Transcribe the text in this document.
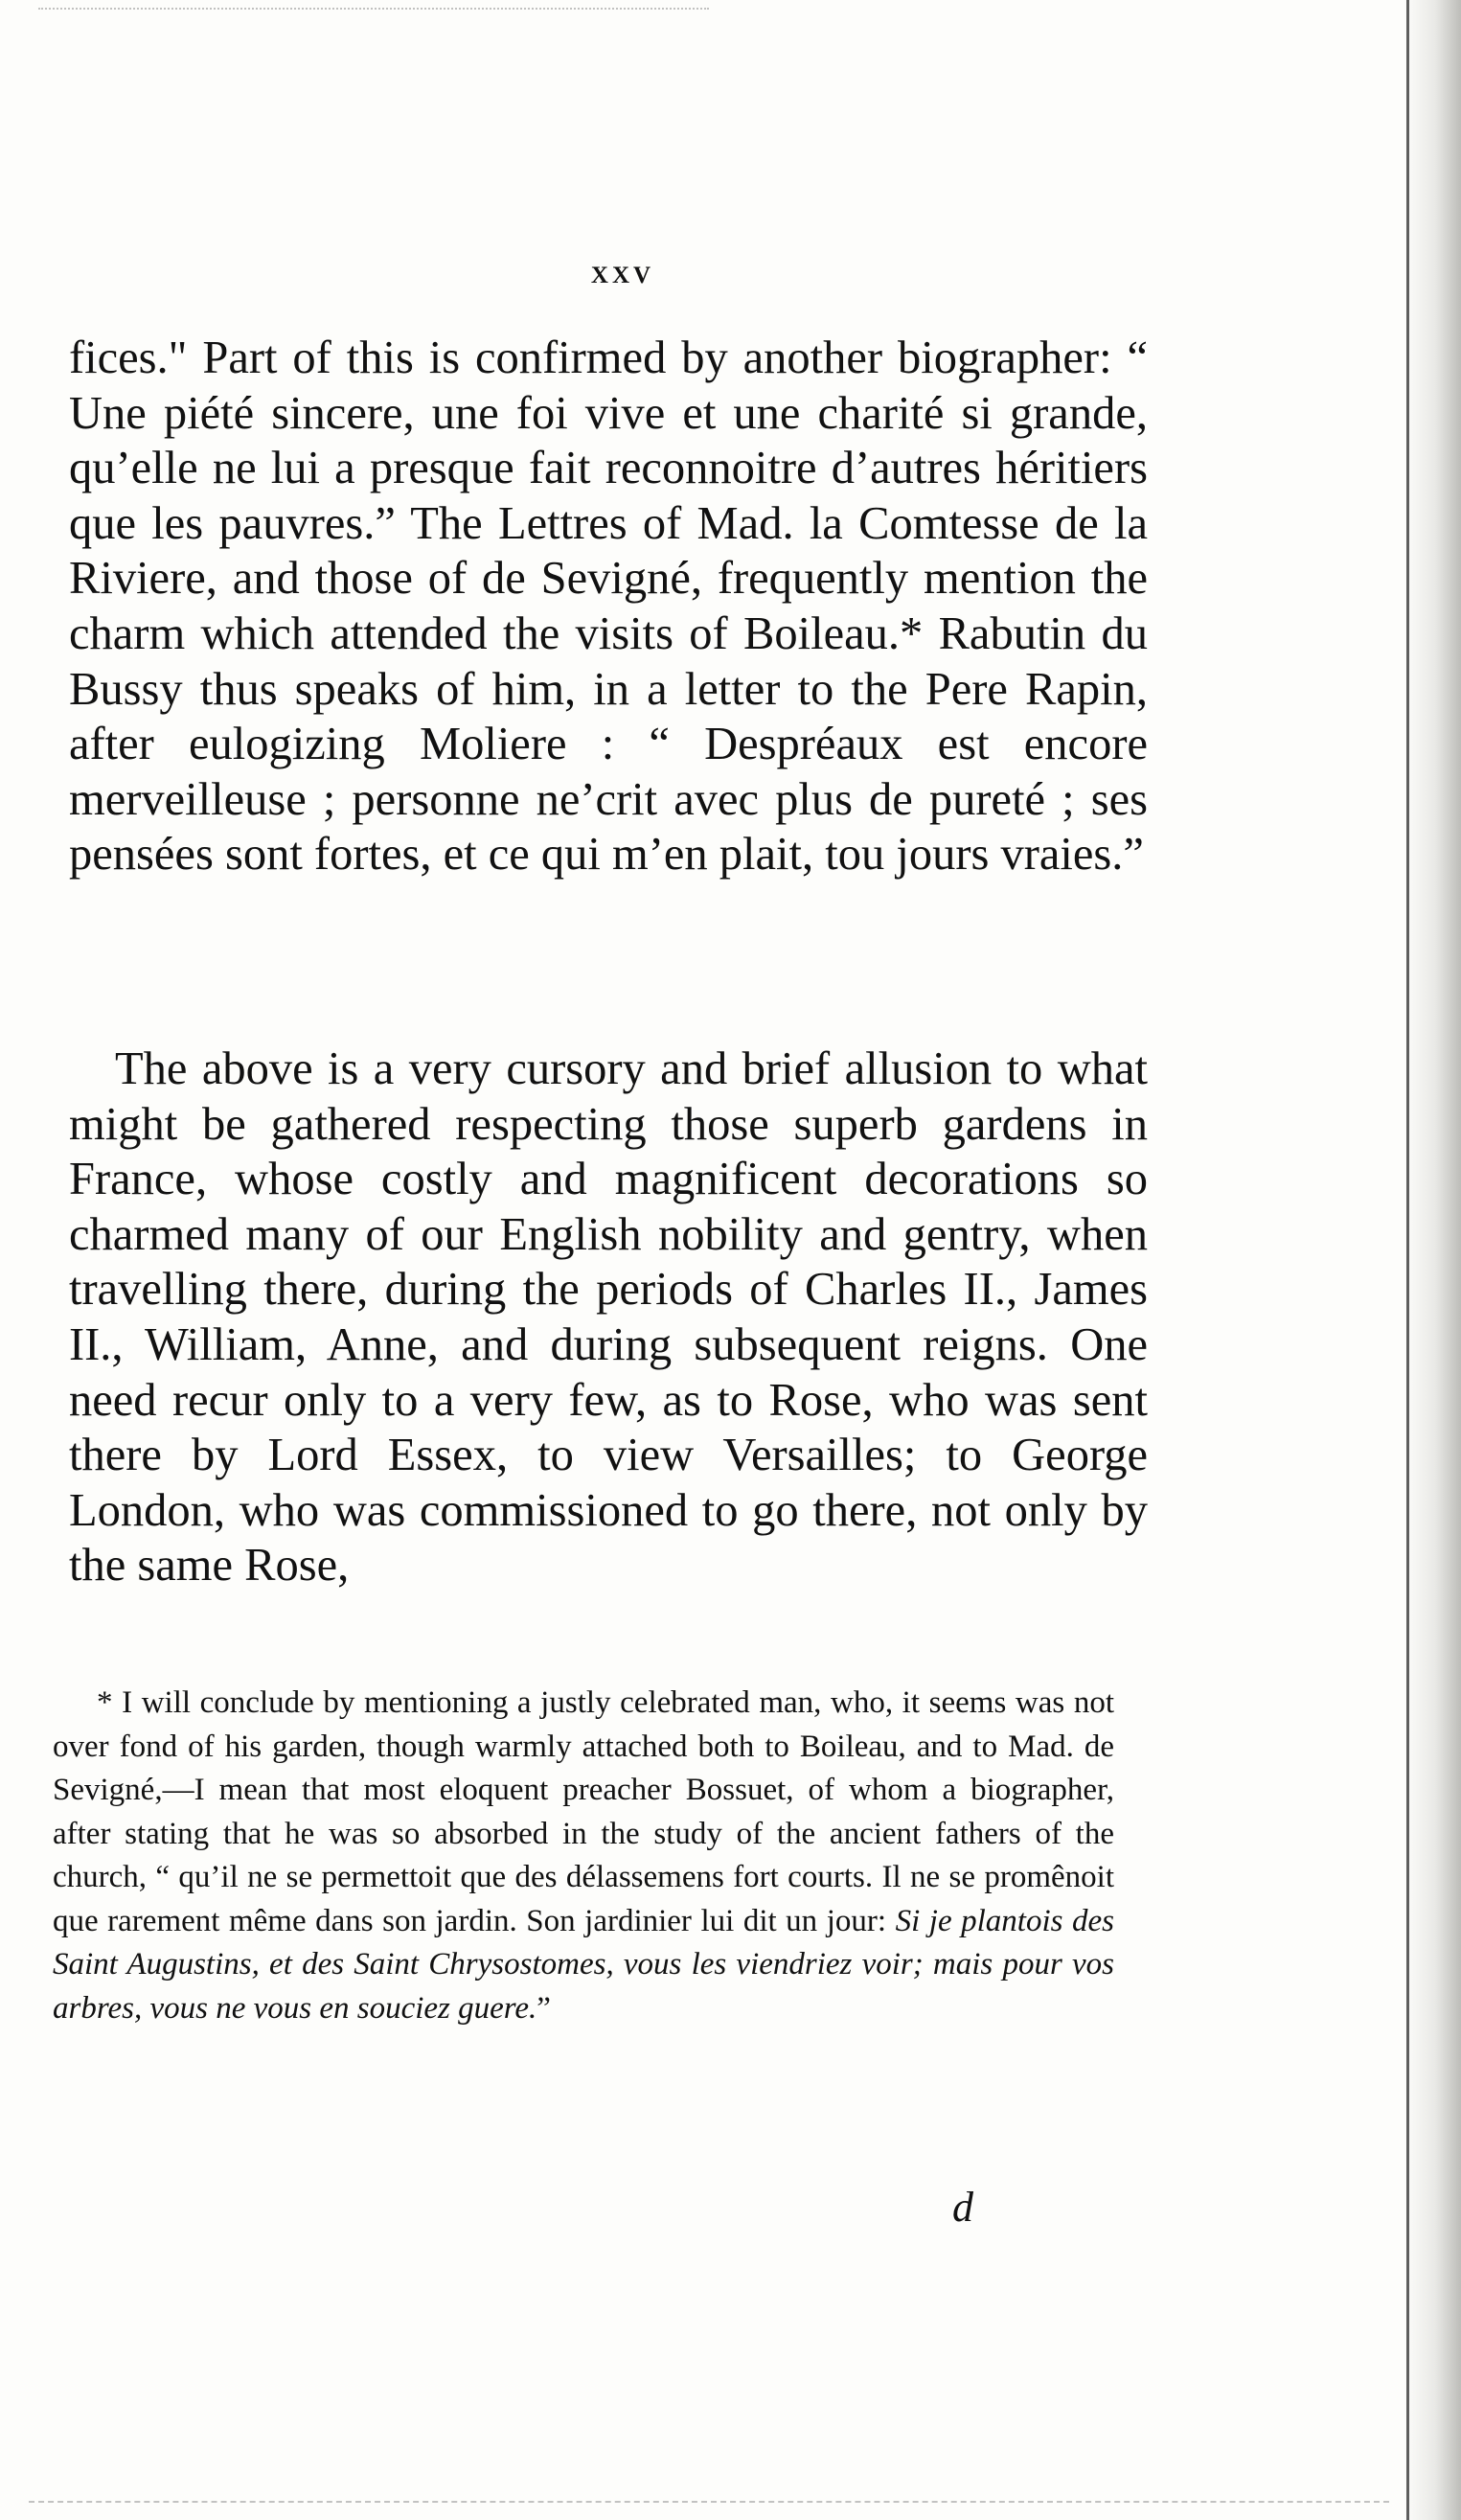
xxv

fices." Part of this is confirmed by another biographer: “ Une piété sincere, une foi vive et une charité si grande, qu’elle ne lui a presque fait reconnoitre d’autres héritiers que les pauvres.” The Lettres of Mad. la Comtesse de la Riviere, and those of de Sevigné, frequently mention the charm which attended the visits of Boileau.* Rabutin du Bussy thus speaks of him, in a letter to the Pere Rapin, after eulogizing Moliere : “ Despréaux est encore merveilleuse ; personne ne’crit avec plus de pureté ; ses pensées sont fortes, et ce qui m’en plait, tou jours vraies.”

The above is a very cursory and brief allusion to what might be gathered respecting those superb gardens in France, whose costly and magnificent decorations so charmed many of our English nobility and gentry, when travelling there, during the periods of Charles II., James II., William, Anne, and during subsequent reigns. One need recur only to a very few, as to Rose, who was sent there by Lord Essex, to view Versailles; to George London, who was commissioned to go there, not only by the same Rose,

* I will conclude by mentioning a justly celebrated man, who, it seems was not over fond of his garden, though warmly attached both to Boileau, and to Mad. de Sevigné,—I mean that most eloquent preacher Bossuet, of whom a biographer, after stating that he was so absorbed in the study of the ancient fathers of the church, “ qu’il ne se permettoit que des délassemens fort courts. Il ne se promênoit que rarement même dans son jardin. Son jardinier lui dit un jour: Si je plantois des Saint Augustins, et des Saint Chrysostomes, vous les viendriez voir; mais pour vos arbres, vous ne vous en souciez guere.”

d
